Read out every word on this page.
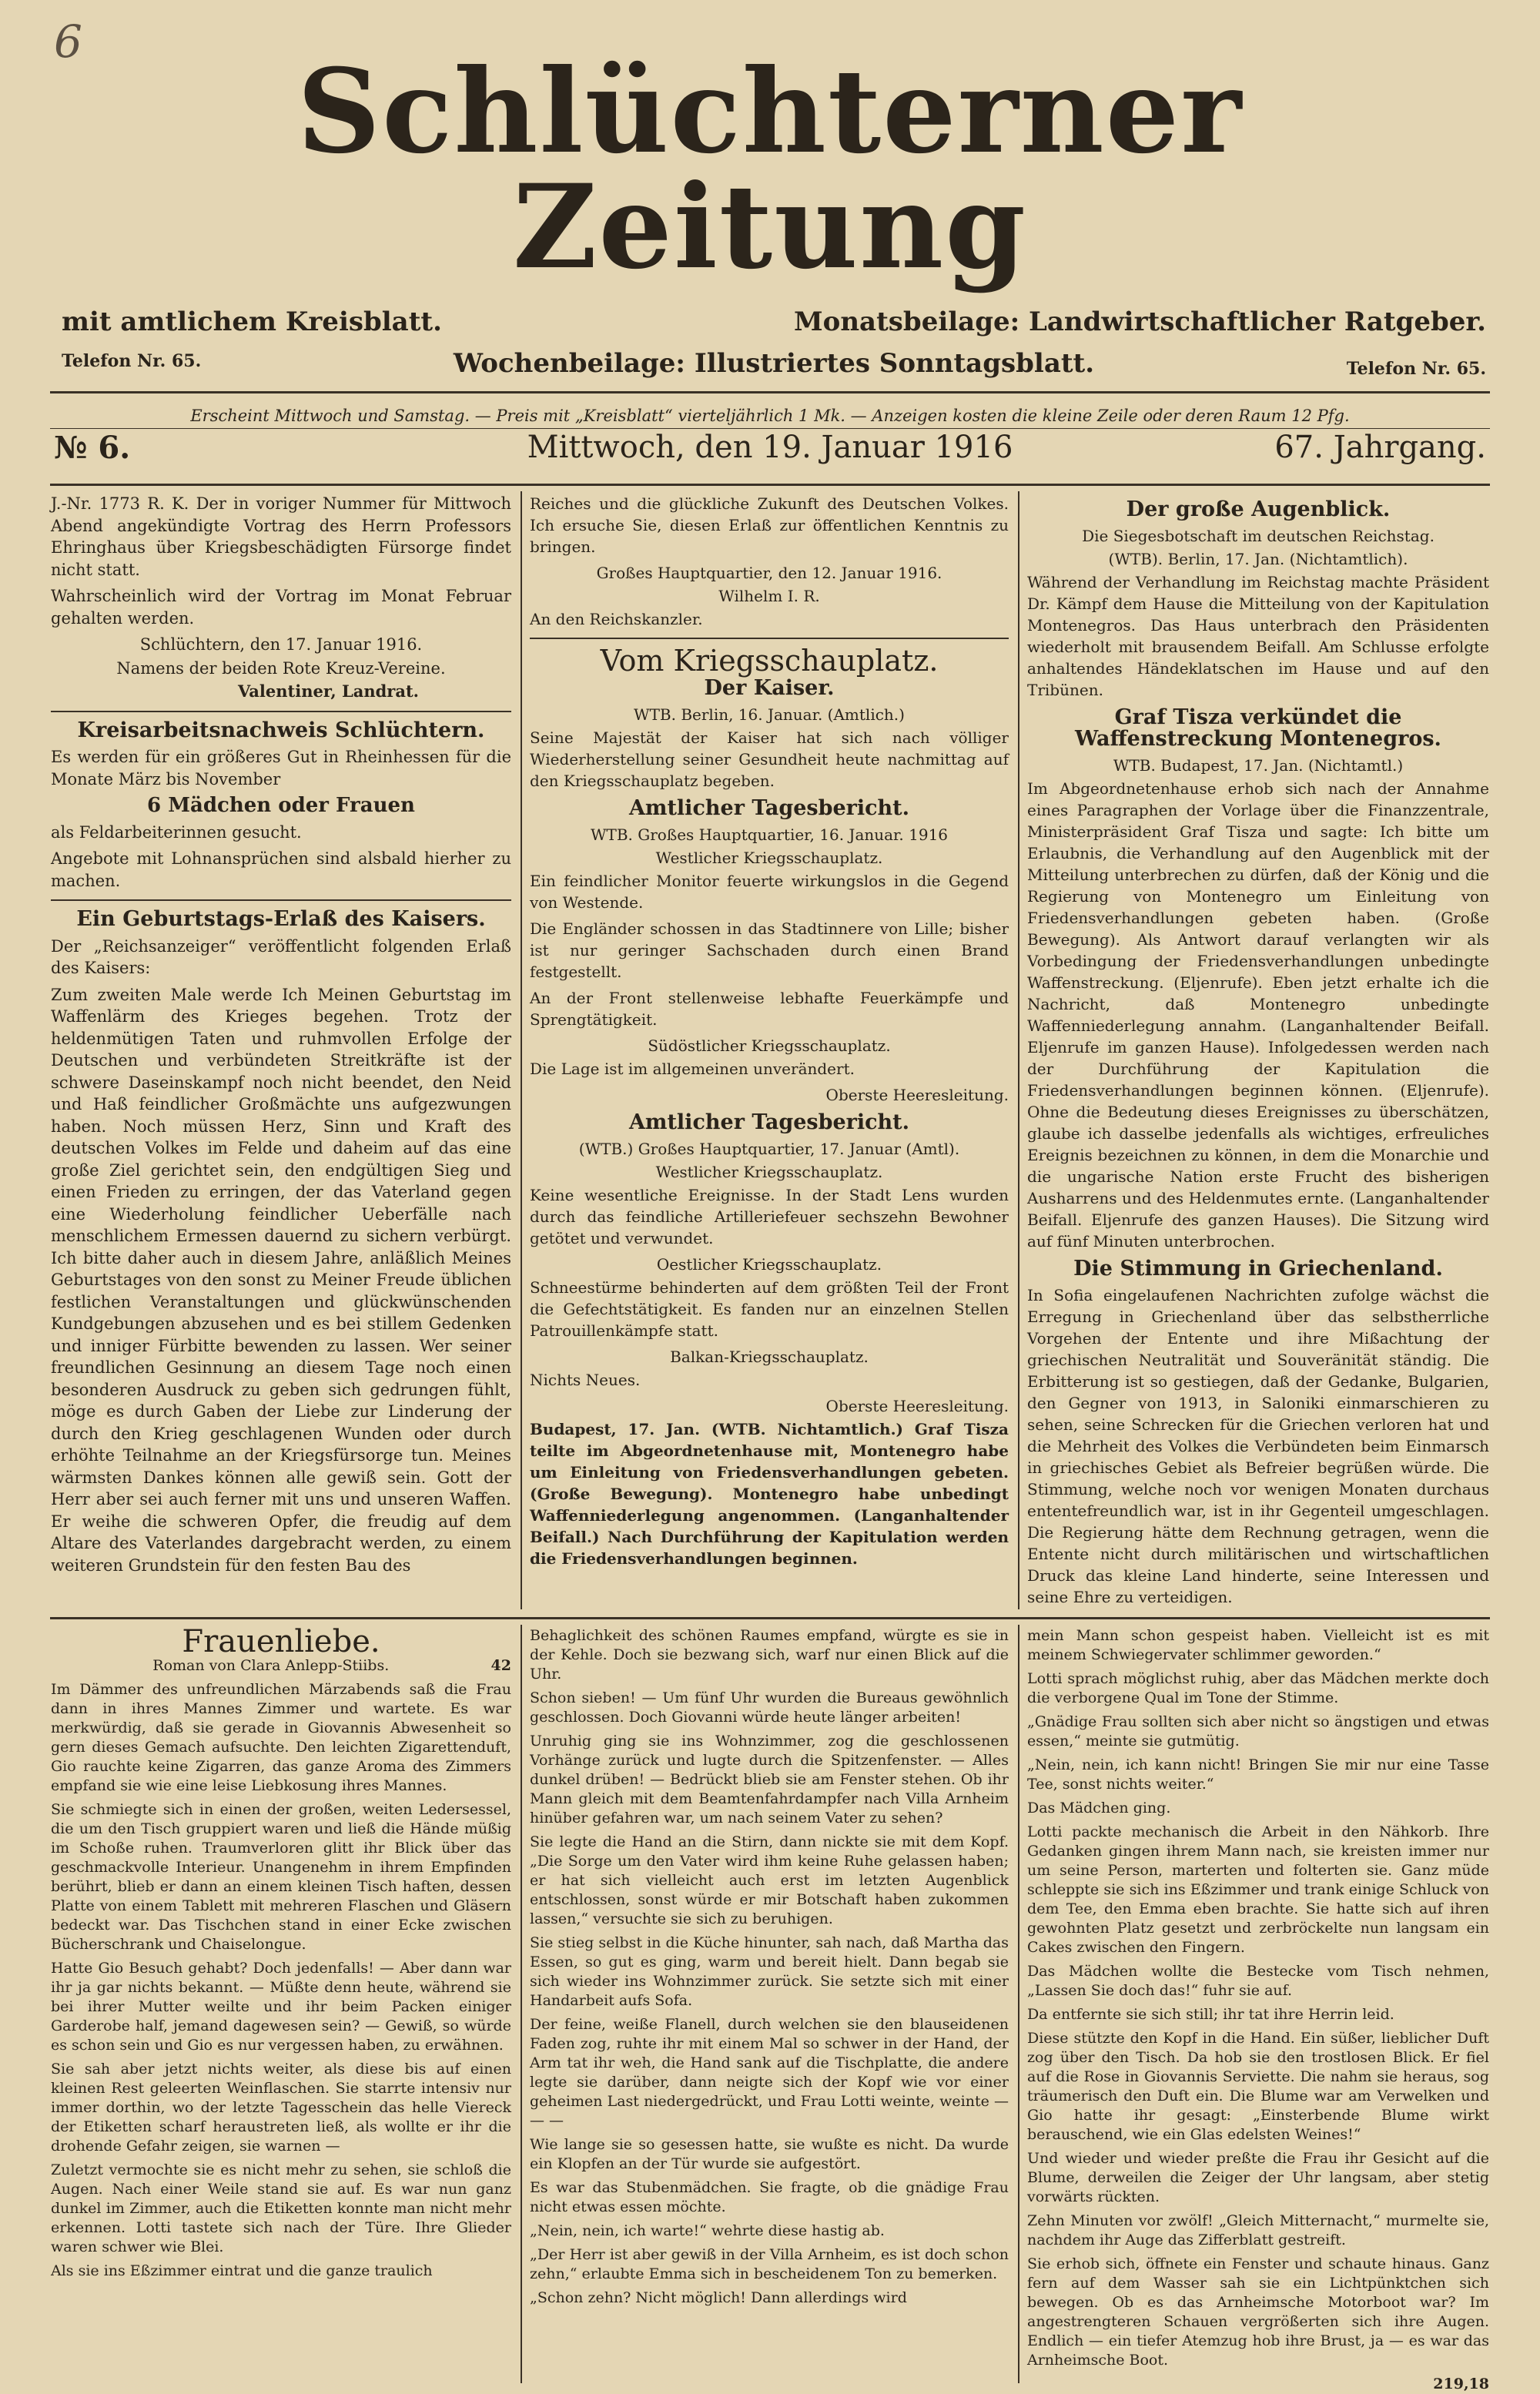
6
Schlüchterner Zeitung
mit amtlichem Kreisblatt.	Monatsbeilage: Landwirtschaftlicher Ratgeber.
Telefon Nr. 65.	Wochenbeilage: Illustriertes Sonntagsblatt.	Telefon Nr. 65.
Erscheint Mittwoch und Samstag. — Preis mit „Kreisblatt“ vierteljährlich 1 Mk. — Anzeigen kosten die kleine Zeile oder deren Raum 12 Pfg.
№ 6.	Mittwoch, den 19. Januar 1916	67. Jahrgang.

J.-Nr. 1773 R. K. Der in voriger Nummer für Mittwoch Abend angekündigte Vortrag des Herrn Professors Ehringhaus über Kriegsbeschädigten Fürsorge findet nicht statt.

Wahrscheinlich wird der Vortrag im Monat Februar gehalten werden.

Schlüchtern, den 17. Januar 1916.

Namens der beiden Rote Kreuz-Vereine.

Valentiner, Landrat.

Kreisarbeitsnachweis Schlüchtern.

Es werden für ein größeres Gut in Rheinhessen für die Monate März bis November

6 Mädchen oder Frauen

als Feldarbeiterinnen gesucht.

Angebote mit Lohnansprüchen sind alsbald hierher zu machen.

Ein Geburtstags-Erlaß des Kaisers.

Der „Reichsanzeiger“ veröffentlicht folgenden Erlaß des Kaisers:

Zum zweiten Male werde Ich Meinen Geburtstag im Waffenlärm des Krieges begehen. Trotz der heldenmütigen Taten und ruhmvollen Erfolge der Deutschen und verbündeten Streitkräfte ist der schwere Daseinskampf noch nicht beendet, den Neid und Haß feindlicher Großmächte uns aufgezwungen haben. Noch müssen Herz, Sinn und Kraft des deutschen Volkes im Felde und daheim auf das eine große Ziel gerichtet sein, den endgültigen Sieg und einen Frieden zu erringen, der das Vaterland gegen eine Wiederholung feindlicher Ueberfälle nach menschlichem Ermessen dauernd zu sichern verbürgt. Ich bitte daher auch in diesem Jahre, anläßlich Meines Geburtstages von den sonst zu Meiner Freude üblichen festlichen Veranstaltungen und glückwünschenden Kundgebungen abzusehen und es bei stillem Gedenken und inniger Fürbitte bewenden zu lassen. Wer seiner freundlichen Gesinnung an diesem Tage noch einen besonderen Ausdruck zu geben sich gedrungen fühlt, möge es durch Gaben der Liebe zur Linderung der durch den Krieg geschlagenen Wunden oder durch erhöhte Teilnahme an der Kriegsfürsorge tun. Meines wärmsten Dankes können alle gewiß sein. Gott der Herr aber sei auch ferner mit uns und unseren Waffen. Er weihe die schweren Opfer, die freudig auf dem Altare des Vaterlandes dargebracht werden, zu einem weiteren Grundstein für den festen Bau des

Reiches und die glückliche Zukunft des Deutschen Volkes. Ich ersuche Sie, diesen Erlaß zur öffentlichen Kenntnis zu bringen.

Großes Hauptquartier, den 12. Januar 1916.

Wilhelm I. R.

An den Reichskanzler.

Vom Kriegsschauplatz.
Der Kaiser.

WTB. Berlin, 16. Januar. (Amtlich.)

Seine Majestät der Kaiser hat sich nach völliger Wiederherstellung seiner Gesundheit heute nachmittag auf den Kriegsschauplatz begeben.

Amtlicher Tagesbericht.

WTB. Großes Hauptquartier, 16. Januar. 1916

Westlicher Kriegsschauplatz.

Ein feindlicher Monitor feuerte wirkungslos in die Gegend von Westende.

Die Engländer schossen in das Stadtinnere von Lille; bisher ist nur geringer Sachschaden durch einen Brand festgestellt.

An der Front stellenweise lebhafte Feuerkämpfe und Sprengtätigkeit.

Südöstlicher Kriegsschauplatz.

Die Lage ist im allgemeinen unverändert.

Oberste Heeresleitung.

Amtlicher Tagesbericht.

(WTB.) Großes Hauptquartier, 17. Januar (Amtl).

Westlicher Kriegsschauplatz.

Keine wesentliche Ereignisse. In der Stadt Lens wurden durch das feindliche Artilleriefeuer sechszehn Bewohner getötet und verwundet.

Oestlicher Kriegsschauplatz.

Schneestürme behinderten auf dem größten Teil der Front die Gefechtstätigkeit. Es fanden nur an einzelnen Stellen Patrouillenkämpfe statt.

Balkan-Kriegsschauplatz.

Nichts Neues.

Oberste Heeresleitung.

Budapest, 17. Jan. (WTB. Nichtamtlich.) Graf Tisza teilte im Abgeordnetenhause mit, Montenegro habe um Einleitung von Friedensverhandlungen gebeten. (Große Bewegung). Montenegro habe unbedingt Waffenniederlegung angenommen. (Langanhaltender Beifall.) Nach Durchführung der Kapitulation werden die Friedensverhandlungen beginnen.

Der große Augenblick.

Die Siegesbotschaft im deutschen Reichstag.

(WTB). Berlin, 17. Jan. (Nichtamtlich).

Während der Verhandlung im Reichstag machte Präsident Dr. Kämpf dem Hause die Mitteilung von der Kapitulation Montenegros. Das Haus unterbrach den Präsidenten wiederholt mit brausendem Beifall. Am Schlusse erfolgte anhaltendes Händeklatschen im Hause und auf den Tribünen.

Graf Tisza verkündet die Waffenstreckung Montenegros.

WTB. Budapest, 17. Jan. (Nichtamtl.)

Im Abgeordnetenhause erhob sich nach der Annahme eines Paragraphen der Vorlage über die Finanzzentrale, Ministerpräsident Graf Tisza und sagte: Ich bitte um Erlaubnis, die Verhandlung auf den Augenblick mit der Mitteilung unterbrechen zu dürfen, daß der König und die Regierung von Montenegro um Einleitung von Friedensverhandlungen gebeten haben. (Große Bewegung). Als Antwort darauf verlangten wir als Vorbedingung der Friedensverhandlungen unbedingte Waffenstreckung. (Eljenrufe). Eben jetzt erhalte ich die Nachricht, daß Montenegro unbedingte Waffenniederlegung annahm. (Langanhaltender Beifall. Eljenrufe im ganzen Hause). Infolgedessen werden nach der Durchführung der Kapitulation die Friedensverhandlungen beginnen können. (Eljenrufe). Ohne die Bedeutung dieses Ereignisses zu überschätzen, glaube ich dasselbe jedenfalls als wichtiges, erfreuliches Ereignis bezeichnen zu können, in dem die Monarchie und die ungarische Nation erste Frucht des bisherigen Ausharrens und des Heldenmutes ernte. (Langanhaltender Beifall. Eljenrufe des ganzen Hauses). Die Sitzung wird auf fünf Minuten unterbrochen.

Die Stimmung in Griechenland.

In Sofia eingelaufenen Nachrichten zufolge wächst die Erregung in Griechenland über das selbstherrliche Vorgehen der Entente und ihre Mißachtung der griechischen Neutralität und Souveränität ständig. Die Erbitterung ist so gestiegen, daß der Gedanke, Bulgarien, den Gegner von 1913, in Saloniki einmarschieren zu sehen, seine Schrecken für die Griechen verloren hat und die Mehrheit des Volkes die Verbündeten beim Einmarsch in griechisches Gebiet als Befreier begrüßen würde. Die Stimmung, welche noch vor wenigen Monaten durchaus ententefreundlich war, ist in ihr Gegenteil umgeschlagen. Die Regierung hätte dem Rechnung getragen, wenn die Entente nicht durch militärischen und wirtschaftlichen Druck das kleine Land hinderte, seine Interessen und seine Ehre zu verteidigen.

Frauenliebe.
Roman von Clara Anlepp-Stiibs.	42

Im Dämmer des unfreundlichen Märzabends saß die Frau dann in ihres Mannes Zimmer und wartete. Es war merkwürdig, daß sie gerade in Giovannis Abwesenheit so gern dieses Gemach aufsuchte. Den leichten Zigarettenduft, Gio rauchte keine Zigarren, das ganze Aroma des Zimmers empfand sie wie eine leise Liebkosung ihres Mannes.

Sie schmiegte sich in einen der großen, weiten Ledersessel, die um den Tisch gruppiert waren und ließ die Hände müßig im Schoße ruhen. Traumverloren glitt ihr Blick über das geschmackvolle Interieur. Unangenehm in ihrem Empfinden berührt, blieb er dann an einem kleinen Tisch haften, dessen Platte von einem Tablett mit mehreren Flaschen und Gläsern bedeckt war. Das Tischchen stand in einer Ecke zwischen Bücherschrank und Chaiselongue.

Hatte Gio Besuch gehabt? Doch jedenfalls! — Aber dann war ihr ja gar nichts bekannt. — Müßte denn heute, während sie bei ihrer Mutter weilte und ihr beim Packen einiger Garderobe half, jemand dagewesen sein? — Gewiß, so würde es schon sein und Gio es nur vergessen haben, zu erwähnen.

Sie sah aber jetzt nichts weiter, als diese bis auf einen kleinen Rest geleerten Weinflaschen. Sie starrte intensiv nur immer dorthin, wo der letzte Tagesschein das helle Viereck der Etiketten scharf heraustreten ließ, als wollte er ihr die drohende Gefahr zeigen, sie warnen —

Zuletzt vermochte sie es nicht mehr zu sehen, sie schloß die Augen. Nach einer Weile stand sie auf. Es war nun ganz dunkel im Zimmer, auch die Etiketten konnte man nicht mehr erkennen. Lotti tastete sich nach der Türe. Ihre Glieder waren schwer wie Blei.

Als sie ins Eßzimmer eintrat und die ganze traulich

Behaglichkeit des schönen Raumes empfand, würgte es sie in der Kehle. Doch sie bezwang sich, warf nur einen Blick auf die Uhr.

Schon sieben! — Um fünf Uhr wurden die Bureaus gewöhnlich geschlossen. Doch Giovanni würde heute länger arbeiten!

Unruhig ging sie ins Wohnzimmer, zog die geschlossenen Vorhänge zurück und lugte durch die Spitzenfenster. — Alles dunkel drüben! — Bedrückt blieb sie am Fenster stehen. Ob ihr Mann gleich mit dem Beamtenfahrdampfer nach Villa Arnheim hinüber gefahren war, um nach seinem Vater zu sehen?

Sie legte die Hand an die Stirn, dann nickte sie mit dem Kopf. „Die Sorge um den Vater wird ihm keine Ruhe gelassen haben; er hat sich vielleicht auch erst im letzten Augenblick entschlossen, sonst würde er mir Botschaft haben zukommen lassen,“ versuchte sie sich zu beruhigen.

Sie stieg selbst in die Küche hinunter, sah nach, daß Martha das Essen, so gut es ging, warm und bereit hielt. Dann begab sie sich wieder ins Wohnzimmer zurück. Sie setzte sich mit einer Handarbeit aufs Sofa.

Der feine, weiße Flanell, durch welchen sie den blauseidenen Faden zog, ruhte ihr mit einem Mal so schwer in der Hand, der Arm tat ihr weh, die Hand sank auf die Tischplatte, die andere legte sie darüber, dann neigte sich der Kopf wie vor einer geheimen Last niedergedrückt, und Frau Lotti weinte, weinte — — —

Wie lange sie so gesessen hatte, sie wußte es nicht. Da wurde ein Klopfen an der Tür wurde sie aufgestört.

Es war das Stubenmädchen. Sie fragte, ob die gnädige Frau nicht etwas essen möchte.

„Nein, nein, ich warte!“ wehrte diese hastig ab.

„Der Herr ist aber gewiß in der Villa Arnheim, es ist doch schon zehn,“ erlaubte Emma sich in bescheidenem Ton zu bemerken.

„Schon zehn? Nicht möglich! Dann allerdings wird

mein Mann schon gespeist haben. Vielleicht ist es mit meinem Schwiegervater schlimmer geworden.“

Lotti sprach möglichst ruhig, aber das Mädchen merkte doch die verborgene Qual im Tone der Stimme.

„Gnädige Frau sollten sich aber nicht so ängstigen und etwas essen,“ meinte sie gutmütig.

„Nein, nein, ich kann nicht! Bringen Sie mir nur eine Tasse Tee, sonst nichts weiter.“

Das Mädchen ging.

Lotti packte mechanisch die Arbeit in den Nähkorb. Ihre Gedanken gingen ihrem Mann nach, sie kreisten immer nur um seine Person, marterten und folterten sie. Ganz müde schleppte sie sich ins Eßzimmer und trank einige Schluck von dem Tee, den Emma eben brachte. Sie hatte sich auf ihren gewohnten Platz gesetzt und zerbröckelte nun langsam ein Cakes zwischen den Fingern.

Das Mädchen wollte die Bestecke vom Tisch nehmen, „Lassen Sie doch das!“ fuhr sie auf.

Da entfernte sie sich still; ihr tat ihre Herrin leid.

Diese stützte den Kopf in die Hand. Ein süßer, lieblicher Duft zog über den Tisch. Da hob sie den trostlosen Blick. Er fiel auf die Rose in Giovannis Serviette. Die nahm sie heraus, sog träumerisch den Duft ein. Die Blume war am Verwelken und Gio hatte ihr gesagt: „Einsterbende Blume wirkt berauschend, wie ein Glas edelsten Weines!“

Und wieder und wieder preßte die Frau ihr Gesicht auf die Blume, derweilen die Zeiger der Uhr langsam, aber stetig vorwärts rückten.

Zehn Minuten vor zwölf! „Gleich Mitternacht,“ murmelte sie, nachdem ihr Auge das Zifferblatt gestreift.

Sie erhob sich, öffnete ein Fenster und schaute hinaus. Ganz fern auf dem Wasser sah sie ein Lichtpünktchen sich bewegen. Ob es das Arnheimsche Motorboot war? Im angestrengteren Schauen vergrößerten sich ihre Augen. Endlich — ein tiefer Atemzug hob ihre Brust, ja — es war das Arnheimsche Boot.

219,18
